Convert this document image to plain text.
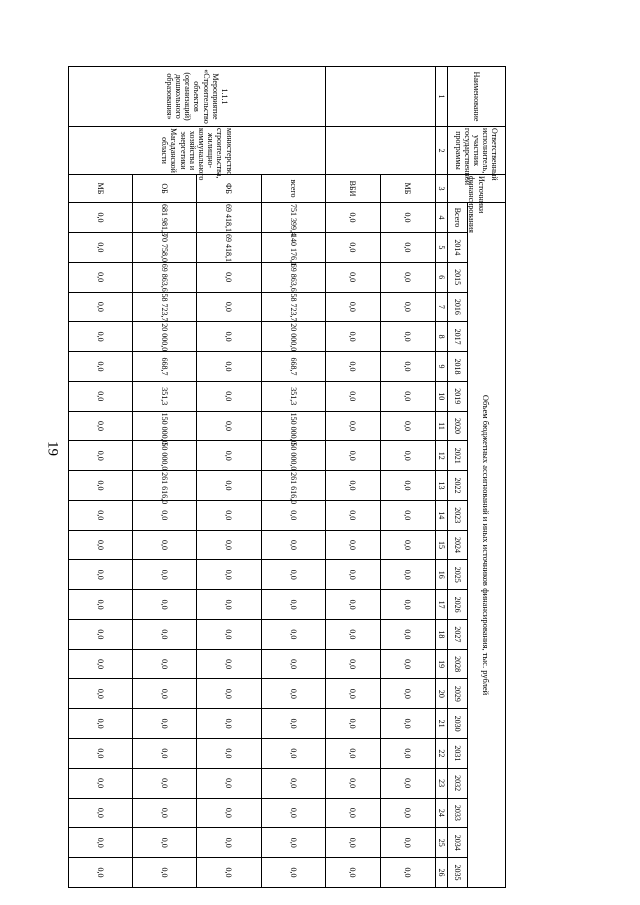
19
Наименование	Ответственный исполнитель, участник государственной программы	Источники финансирования	Объем бюджетных ассигнований и иных источников финансирования, тыс. рублей																						
			Всего	2014	2015	2016	2017	2018	2019	2020	2021	2022	2023	2024	2025	2026	2027	2028	2029	2030	2031	2032	2033	2034	2035
1	2	3	4	5	6	7	8	9	10	11	12	13	14	15	16	17	18	19	20	21	22	23	24	25	26
		МБ	0,0	0,0	0,0	0,0	0,0	0,0	0,0	0,0	0,0	0,0	0,0	0,0	0,0	0,0	0,0	0,0	0,0	0,0	0,0	0,0	0,0	0,0	0,0
		ВБИ	0,0	0,0	0,0	0,0	0,0	0,0	0,0	0,0	0,0	0,0	0,0	0,0	0,0	0,0	0,0	0,0	0,0	0,0	0,0	0,0	0,0	0,0	0,0
1.1.1 Мероприятие «Строительство объектов (организаций) дошкольного образования»	министерство строительства, жилищно-коммунального хозяйства и энергетики Магаданской области	всего	751 399,4	140 176,1	69 863,6	58 723,7	20 000,0	668,7	351,3	150 000,0	50 000,0	261 616,0	0,0	0,0	0,0	0,0	0,0	0,0	0,0	0,0	0,0	0,0	0,0	0,0	0,0
		ФБ	69 418,1	69 418,1	0,0	0,0	0,0	0,0	0,0	0,0	0,0	0,0	0,0	0,0	0,0	0,0	0,0	0,0	0,0	0,0	0,0	0,0	0,0	0,0	0,0
		ОБ	681 981,3	70 758,0	69 863,6	58 723,7	20 000,0	668,7	351,3	150 000,0	50 000,0	261 616,0	0,0	0,0	0,0	0,0	0,0	0,0	0,0	0,0	0,0	0,0	0,0	0,0	0,0
		МБ	0,0	0,0	0,0	0,0	0,0	0,0	0,0	0,0	0,0	0,0	0,0	0,0	0,0	0,0	0,0	0,0	0,0	0,0	0,0	0,0	0,0	0,0	0,0
